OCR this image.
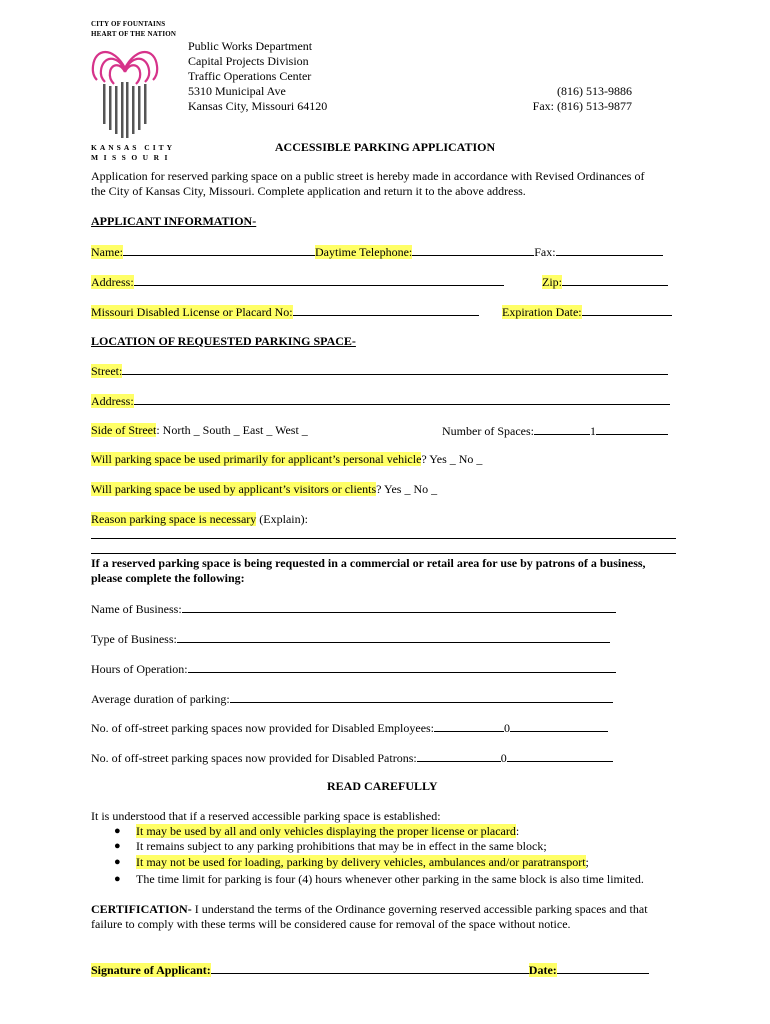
CITY OF FOUNTAINS
HEART OF THE NATION
KANSAS CITY
MISSOURI
Public Works Department
Capital Projects Division
Traffic Operations Center
5310 Municipal Ave
Kansas City, Missouri 64120
(816) 513-9886
Fax: (816) 513-9877
ACCESSIBLE PARKING APPLICATION
Application for reserved parking space on a public street is hereby made in accordance with Revised Ordinances of
the City of Kansas City, Missouri. Complete application and return it to the above address.
APPLICANT INFORMATION-
Name:	Daytime Telephone:	Fax:
Address:	Zip:
Missouri Disabled License or Placard No:	Expiration Date:
LOCATION OF REQUESTED PARKING SPACE-
Street:
Address:
Side of Street: North _ South _ East _ West _	Number of Spaces:	1
Will parking space be used primarily for applicant’s personal vehicle? Yes _ No _
Will parking space be used by applicant’s visitors or clients? Yes _ No _
Reason parking space is necessary (Explain):
If a reserved parking space is being requested in a commercial or retail area for use by patrons of a business,
please complete the following:
Name of Business:
Type of Business:
Hours of Operation:
Average duration of parking:
No. of off-street parking spaces now provided for Disabled Employees:	0
No. of off-street parking spaces now provided for Disabled Patrons:	0
READ CAREFULLY
It is understood that if a reserved accessible parking space is established:
● It may be used by all and only vehicles displaying the proper license or placard:
● It remains subject to any parking prohibitions that may be in effect in the same block;
● It may not be used for loading, parking by delivery vehicles, ambulances and/or paratransport;
● The time limit for parking is four (4) hours whenever other parking in the same block is also time limited.
CERTIFICATION- I understand the terms of the Ordinance governing reserved accessible parking spaces and that
failure to comply with these terms will be considered cause for removal of the space without notice.
Signature of Applicant:	Date:
